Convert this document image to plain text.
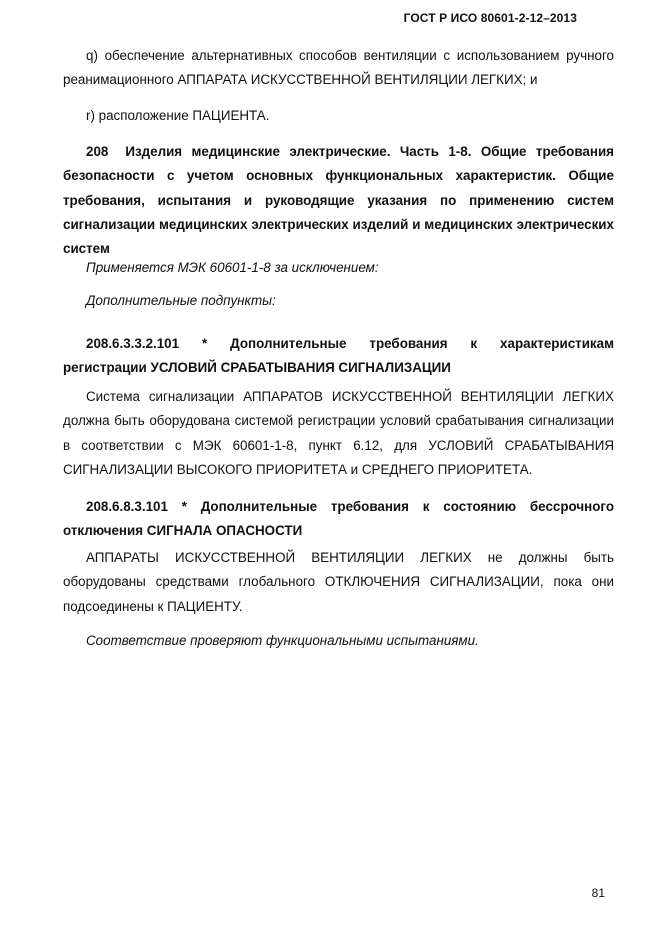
ГОСТ Р ИСО 80601-2-12–2013
q) обеспечение альтернативных способов вентиляции с использованием ручного реанимационного АППАРАТА ИСКУССТВЕННОЙ ВЕНТИЛЯЦИИ ЛЕГКИХ; и
r) расположение ПАЦИЕНТА.
208 Изделия медицинские электрические. Часть 1-8. Общие требования безопасности с учетом основных функциональных характеристик. Общие требования, испытания и руководящие указания по применению систем сигнализации медицинских электрических изделий и медицинских электрических систем
Применяется МЭК 60601-1-8 за исключением:
Дополнительные подпункты:
208.6.3.3.2.101 * Дополнительные требования к характеристикам
регистрации УСЛОВИЙ СРАБАТЫВАНИЯ СИГНАЛИЗАЦИИ
Система сигнализации АППАРАТОВ ИСКУССТВЕННОЙ ВЕНТИЛЯЦИИ ЛЕГКИХ должна быть оборудована системой регистрации условий срабатывания сигнализации в соответствии с МЭК 60601-1-8, пункт 6.12, для УСЛОВИЙ СРАБАТЫВАНИЯ СИГНАЛИЗАЦИИ ВЫСОКОГО ПРИОРИТЕТА и СРЕДНЕГО ПРИОРИТЕТА.
208.6.8.3.101 * Дополнительные требования к состоянию бессрочного
отключения СИГНАЛА ОПАСНОСТИ
АППАРАТЫ ИСКУССТВЕННОЙ ВЕНТИЛЯЦИИ ЛЕГКИХ не должны быть оборудованы средствами глобального ОТКЛЮЧЕНИЯ СИГНАЛИЗАЦИИ, пока они подсоединены к ПАЦИЕНТУ.
Соответствие проверяют функциональными испытаниями.
81
